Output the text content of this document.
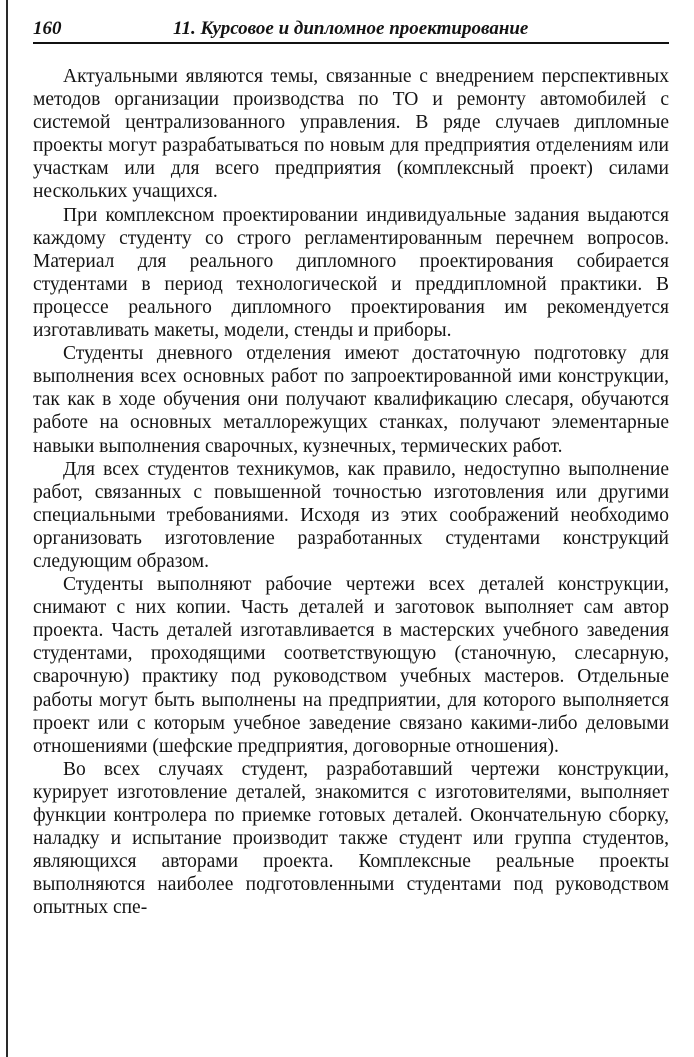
160	11. Курсовое и дипломное проектирование

Актуальными являются темы, связанные с внедрением перспективных методов организации производства по ТО и ремонту автомобилей с системой централизованного управления. В ряде случаев дипломные проекты могут разрабатываться по новым для предприятия отделениям или участкам или для всего предприятия (комплексный проект) силами нескольких учащихся.

При комплексном проектировании индивидуальные задания выдаются каждому студенту со строго регламентированным перечнем вопросов. Материал для реального дипломного проектирования собирается студентами в период технологической и преддипломной практики. В процессе реального дипломного проектирования им рекомендуется изготавливать макеты, модели, стенды и приборы.

Студенты дневного отделения имеют достаточную подготовку для выполнения всех основных работ по запроектированной ими конструкции, так как в ходе обучения они получают квалификацию слесаря, обучаются работе на основных металлорежущих станках, получают элементарные навыки выполнения сварочных, кузнечных, термических работ.

Для всех студентов техникумов, как правило, недоступно выполнение работ, связанных с повышенной точностью изготовления или другими специальными требованиями. Исходя из этих соображений необходимо организовать изготовление разработанных студентами конструкций следующим образом.

Студенты выполняют рабочие чертежи всех деталей конструкции, снимают с них копии. Часть деталей и заготовок выполняет сам автор проекта. Часть деталей изготавливается в мастерских учебного заведения студентами, проходящими соответствующую (станочную, слесарную, сварочную) практику под руководством учебных мастеров. Отдельные работы могут быть выполнены на предприятии, для которого выполняется проект или с которым учебное заведение связано какими-либо деловыми отношениями (шефские предприятия, договорные отношения).

Во всех случаях студент, разработавший чертежи конструкции, курирует изготовление деталей, знакомится с изготовителями, выполняет функции контролера по приемке готовых деталей. Окончательную сборку, наладку и испытание производит также студент или группа студентов, являющихся авторами проекта. Комплексные реальные проекты выполняются наиболее подготовленными студентами под руководством опытных спе-
